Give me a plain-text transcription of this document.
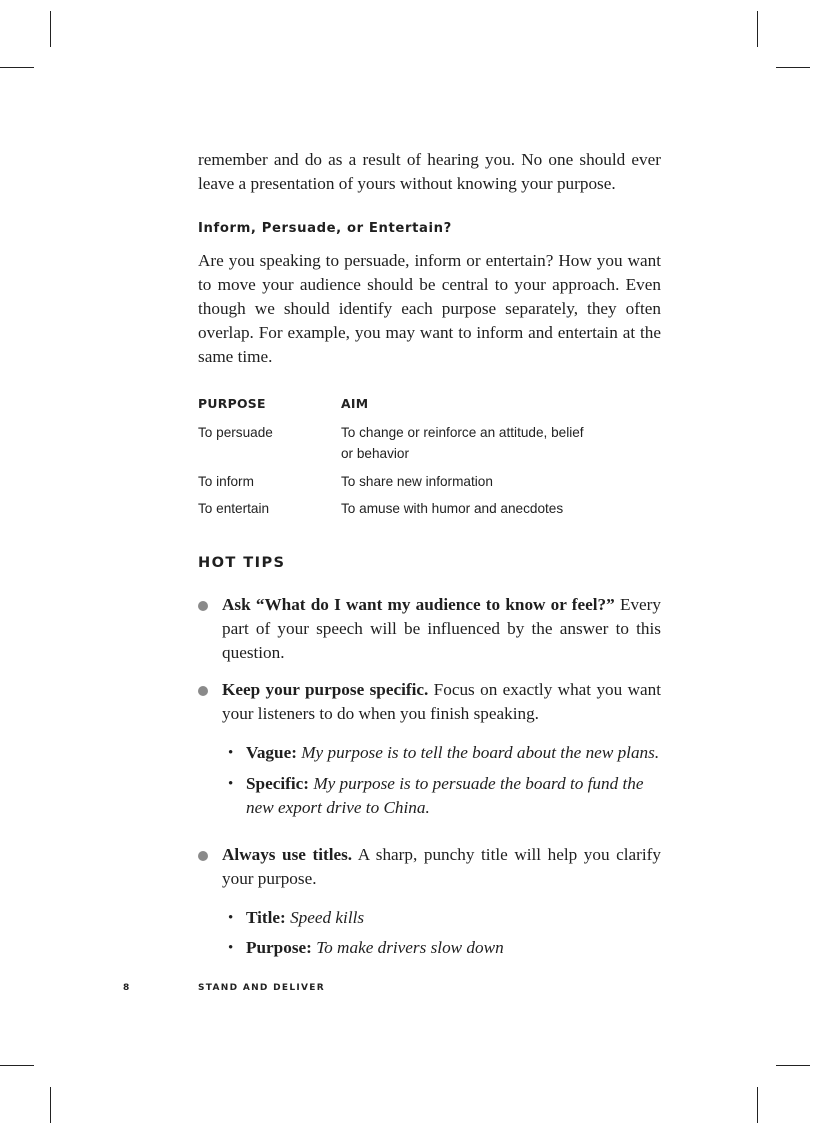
remember and do as a result of hearing you. No one should ever leave a presentation of yours without knowing your purpose.

Inform, Persuade, or Entertain?

Are you speaking to persuade, inform or entertain? How you want to move your audience should be central to your approach. Even though we should identify each purpose separately, they often overlap. For example, you may want to inform and entertain at the same time.

PURPOSE	AIM
To persuade	To change or reinforce an attitude, belief
or behavior
To inform	To share new information
To entertain	To amuse with humor and anecdotes
HOT TIPS

Ask “What do I want my audience to know or feel?” Every part of your speech will be influenced by the answer to this question.

Keep your purpose specific. Focus on exactly what you want your listeners to do when you finish speaking.

• Vague: My purpose is to tell the board about the new plans.

• Specific: My purpose is to persuade the board to fund the new export drive to China.

Always use titles. A sharp, punchy title will help you clarify your purpose.

• Title: Speed kills

• Purpose: To make drivers slow down

8	STAND AND DELIVER
